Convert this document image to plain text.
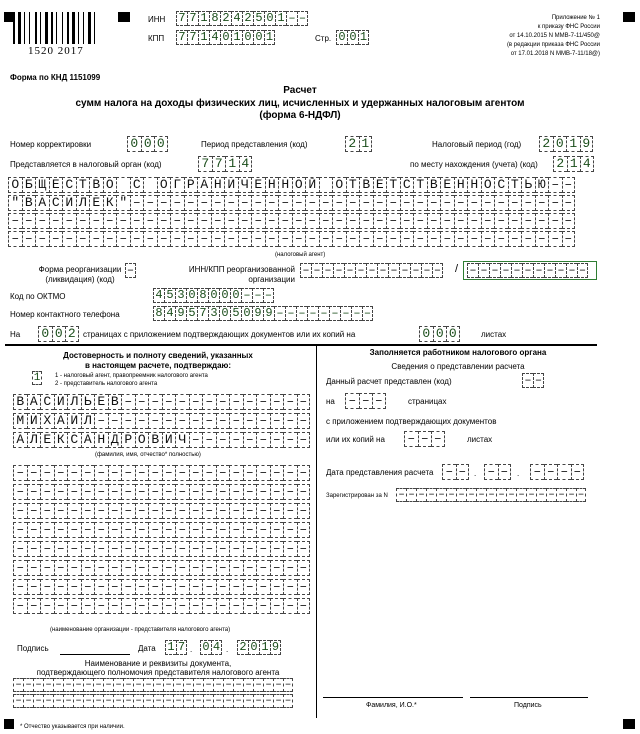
1520 2017
ИНН 7 7 1 8 2 4 2 5 0 1 – –
КПП 7 7 1 4 0 1 0 0 1	Стр. 0 0 1
Приложение № 1
к приказу ФНС России
от 14.10.2015 N ММВ-7-11/450@
(в редакции приказа ФНС России
от 17.01.2018 N ММВ-7-11/18@)
Форма по КНД 1151099
Расчет
сумм налога на доходы физических лиц, исчисленных и удержанных налоговым агентом
(форма 6-НДФЛ)
Номер корректировки	0 0 0	Период представления (код)	2 1	Налоговый период (год) 2 0 1 9
Представляется в налоговый орган (код)	7 7 1 4	по месту нахождения (учета) (код) 2 1 4
О Б Щ Е С Т В О С О Г Р А Н И Ч Е Н Н О Й О Т В Е Т С Т В Е Н Н О С Т Ь Ю – –
" В А С И Л Е К " – – – – – – – – – – – – – – – – – – – – – – – – – – – – – – – – –
– – – – – – – – – – – – – – – – – – – – – – – – – – – – – – – – – – – – – – – – – –
– – – – – – – – – – – – – – – – – – – – – – – – – – – – – – – – – – – – – – – – – –
(налоговый агент)
Форма реорганизации
(ликвидация) (код)
–	ИНН/КПП реорганизованной
организации
– – – – – – – – – – – – – / – – – – – – – – – – –
Код по ОКТМО	4 5 3 0 8 0 0 0 – – –
Номер контактного телефона	8 4 9 5 7 3 0 5 0 9 9 – – – – – – – – –
На 0 0 2 страницах с приложением подтверждающих документов или их копий на	0 0 0	листах
Достоверность и полноту сведений, указанных
в настоящем расчете, подтверждаю:
1 1 - налоговый агент, правопреемник налогового агента
2 - представитель налогового агента
В А С И Л Ь Е В – – – – – – – – – – – – – –
М И Х А И Л – – – – – – – – – – – – – – – –
А Л Е К С А Н Д Р О В И Ч – – – – – – – – –
(фамилия, имя, отчество* полностью)
– – – – – – – – – – – – – – – – – – – – – –
– – – – – – – – – – – – – – – – – – – – – –
– – – – – – – – – – – – – – – – – – – – – –
– – – – – – – – – – – – – – – – – – – – – –
– – – – – – – – – – – – – – – – – – – – – –
– – – – – – – – – – – – – – – – – – – – – –
– – – – – – – – – – – – – – – – – – – – – –
– – – – – – – – – – – – – – – – – – – – – –
(наименование организации - представителя налогового агента)
Подпись	Дата 1 7 . 0 4 . 2 0 1 9
Наименование и реквизиты документа,
подтверждающего полномочия представителя налогового агента
– – – – – – – – – – – – – – – – – – – – – – – – – – – –
– – – – – – – – – – – – – – – – – – – – – – – – – – – –
Заполняется работником налогового органа
Сведения о представлении расчета
Данный расчет представлен (код)	– –
на – – –	страницах
с приложением подтверждающих документов
или их копий на – – –	листах
Дата представления расчета – – . – –	. – – – –
Зарегистрирован за N – – – – – – – – – – – – – – – – – – –
Фамилия, И.О.*	Подпись
* Отчество указывается при наличии.
